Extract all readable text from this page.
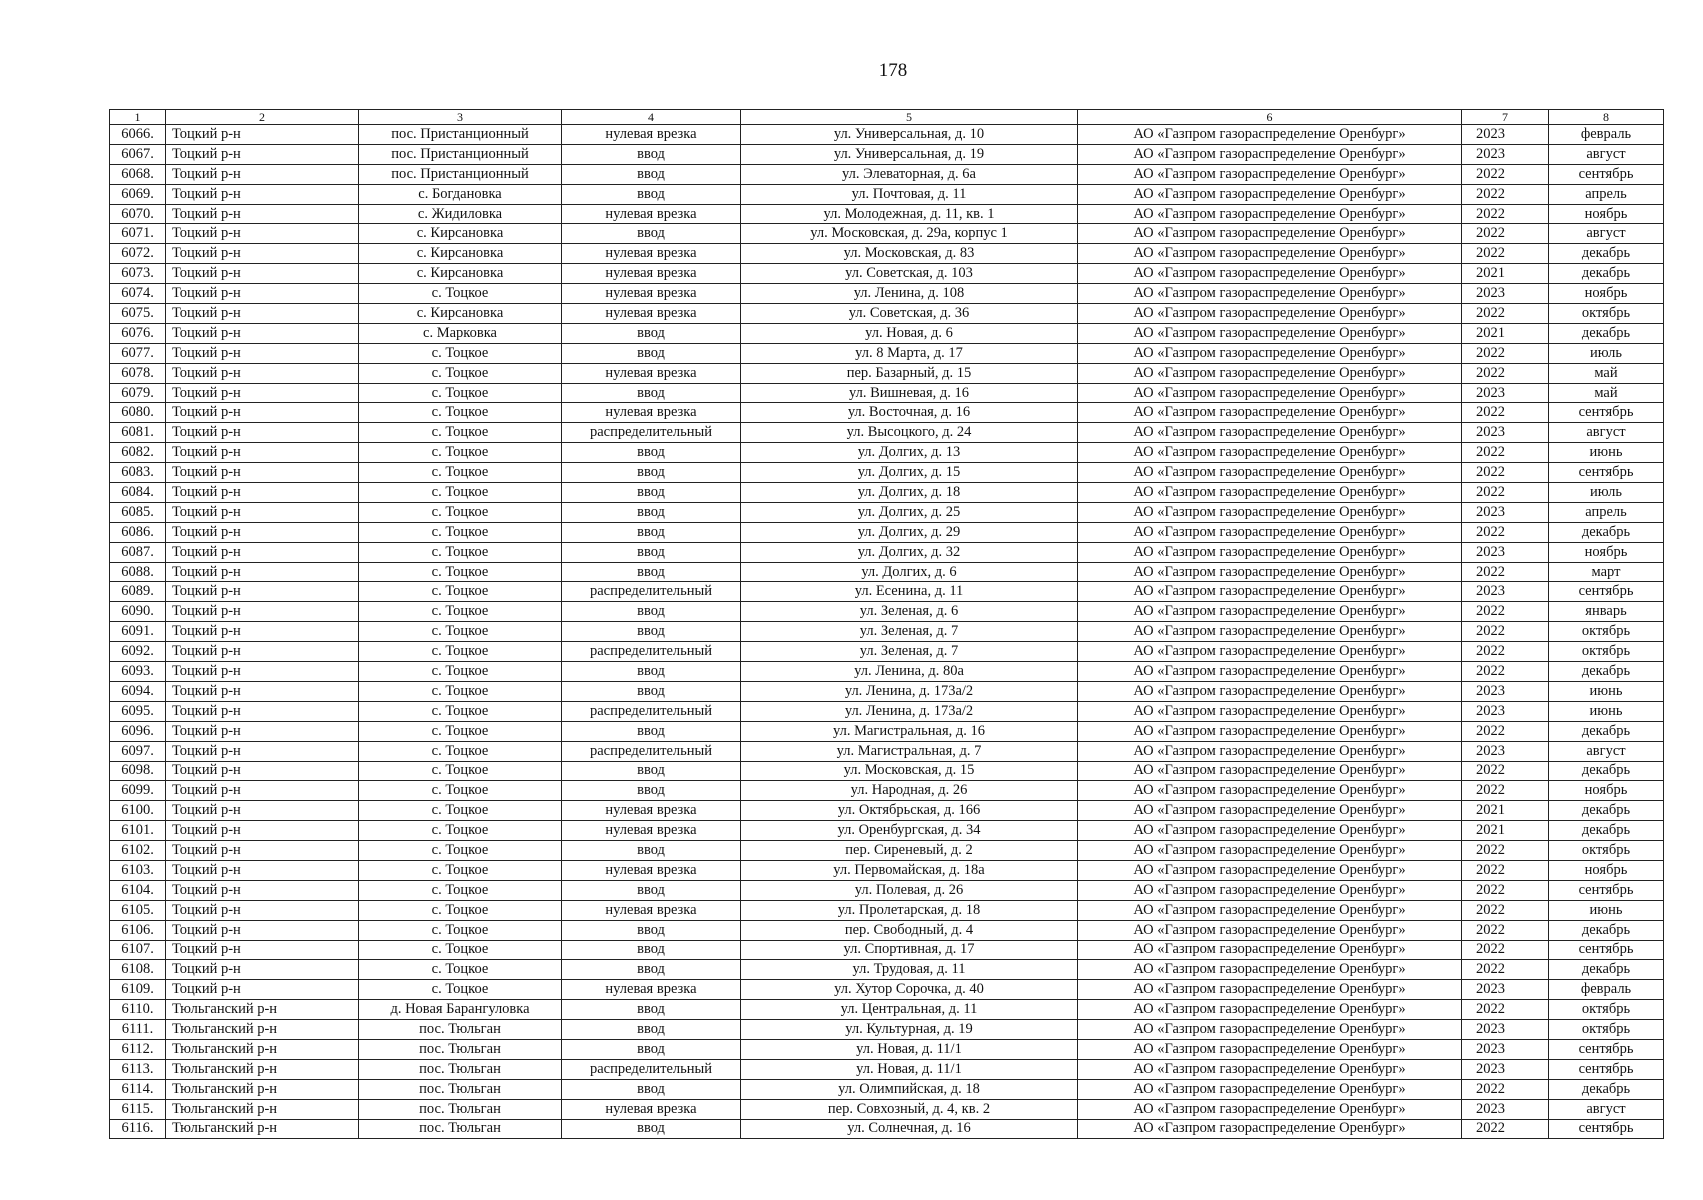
178
1	2	3	4	5	6	7	8
6066.	Тоцкий р-н	пос. Пристанционный	нулевая врезка	ул. Универсальная, д. 10	АО «Газпром газораспределение Оренбург»	2023	февраль
6067.	Тоцкий р-н	пос. Пристанционный	ввод	ул. Универсальная, д. 19	АО «Газпром газораспределение Оренбург»	2023	август
6068.	Тоцкий р-н	пос. Пристанционный	ввод	ул. Элеваторная, д. 6а	АО «Газпром газораспределение Оренбург»	2022	сентябрь
6069.	Тоцкий р-н	с. Богдановка	ввод	ул. Почтовая, д. 11	АО «Газпром газораспределение Оренбург»	2022	апрель
6070.	Тоцкий р-н	с. Жидиловка	нулевая врезка	ул. Молодежная, д. 11, кв. 1	АО «Газпром газораспределение Оренбург»	2022	ноябрь
6071.	Тоцкий р-н	с. Кирсановка	ввод	ул. Московская, д. 29а, корпус 1	АО «Газпром газораспределение Оренбург»	2022	август
6072.	Тоцкий р-н	с. Кирсановка	нулевая врезка	ул. Московская, д. 83	АО «Газпром газораспределение Оренбург»	2022	декабрь
6073.	Тоцкий р-н	с. Кирсановка	нулевая врезка	ул. Советская, д. 103	АО «Газпром газораспределение Оренбург»	2021	декабрь
6074.	Тоцкий р-н	с. Тоцкое	нулевая врезка	ул. Ленина, д. 108	АО «Газпром газораспределение Оренбург»	2023	ноябрь
6075.	Тоцкий р-н	с. Кирсановка	нулевая врезка	ул. Советская, д. 36	АО «Газпром газораспределение Оренбург»	2022	октябрь
6076.	Тоцкий р-н	с. Марковка	ввод	ул. Новая, д. 6	АО «Газпром газораспределение Оренбург»	2021	декабрь
6077.	Тоцкий р-н	с. Тоцкое	ввод	ул. 8 Марта, д. 17	АО «Газпром газораспределение Оренбург»	2022	июль
6078.	Тоцкий р-н	с. Тоцкое	нулевая врезка	пер. Базарный, д. 15	АО «Газпром газораспределение Оренбург»	2022	май
6079.	Тоцкий р-н	с. Тоцкое	ввод	ул. Вишневая, д. 16	АО «Газпром газораспределение Оренбург»	2023	май
6080.	Тоцкий р-н	с. Тоцкое	нулевая врезка	ул. Восточная, д. 16	АО «Газпром газораспределение Оренбург»	2022	сентябрь
6081.	Тоцкий р-н	с. Тоцкое	распределительный	ул. Высоцкого, д. 24	АО «Газпром газораспределение Оренбург»	2023	август
6082.	Тоцкий р-н	с. Тоцкое	ввод	ул. Долгих, д. 13	АО «Газпром газораспределение Оренбург»	2022	июнь
6083.	Тоцкий р-н	с. Тоцкое	ввод	ул. Долгих, д. 15	АО «Газпром газораспределение Оренбург»	2022	сентябрь
6084.	Тоцкий р-н	с. Тоцкое	ввод	ул. Долгих, д. 18	АО «Газпром газораспределение Оренбург»	2022	июль
6085.	Тоцкий р-н	с. Тоцкое	ввод	ул. Долгих, д. 25	АО «Газпром газораспределение Оренбург»	2023	апрель
6086.	Тоцкий р-н	с. Тоцкое	ввод	ул. Долгих, д. 29	АО «Газпром газораспределение Оренбург»	2022	декабрь
6087.	Тоцкий р-н	с. Тоцкое	ввод	ул. Долгих, д. 32	АО «Газпром газораспределение Оренбург»	2023	ноябрь
6088.	Тоцкий р-н	с. Тоцкое	ввод	ул. Долгих, д. 6	АО «Газпром газораспределение Оренбург»	2022	март
6089.	Тоцкий р-н	с. Тоцкое	распределительный	ул. Есенина, д. 11	АО «Газпром газораспределение Оренбург»	2023	сентябрь
6090.	Тоцкий р-н	с. Тоцкое	ввод	ул. Зеленая, д. 6	АО «Газпром газораспределение Оренбург»	2022	январь
6091.	Тоцкий р-н	с. Тоцкое	ввод	ул. Зеленая, д. 7	АО «Газпром газораспределение Оренбург»	2022	октябрь
6092.	Тоцкий р-н	с. Тоцкое	распределительный	ул. Зеленая, д. 7	АО «Газпром газораспределение Оренбург»	2022	октябрь
6093.	Тоцкий р-н	с. Тоцкое	ввод	ул. Ленина, д. 80а	АО «Газпром газораспределение Оренбург»	2022	декабрь
6094.	Тоцкий р-н	с. Тоцкое	ввод	ул. Ленина, д. 173а/2	АО «Газпром газораспределение Оренбург»	2023	июнь
6095.	Тоцкий р-н	с. Тоцкое	распределительный	ул. Ленина, д. 173а/2	АО «Газпром газораспределение Оренбург»	2023	июнь
6096.	Тоцкий р-н	с. Тоцкое	ввод	ул. Магистральная, д. 16	АО «Газпром газораспределение Оренбург»	2022	декабрь
6097.	Тоцкий р-н	с. Тоцкое	распределительный	ул. Магистральная, д. 7	АО «Газпром газораспределение Оренбург»	2023	август
6098.	Тоцкий р-н	с. Тоцкое	ввод	ул. Московская, д. 15	АО «Газпром газораспределение Оренбург»	2022	декабрь
6099.	Тоцкий р-н	с. Тоцкое	ввод	ул. Народная, д. 26	АО «Газпром газораспределение Оренбург»	2022	ноябрь
6100.	Тоцкий р-н	с. Тоцкое	нулевая врезка	ул. Октябрьская, д. 166	АО «Газпром газораспределение Оренбург»	2021	декабрь
6101.	Тоцкий р-н	с. Тоцкое	нулевая врезка	ул. Оренбургская, д. 34	АО «Газпром газораспределение Оренбург»	2021	декабрь
6102.	Тоцкий р-н	с. Тоцкое	ввод	пер. Сиреневый, д. 2	АО «Газпром газораспределение Оренбург»	2022	октябрь
6103.	Тоцкий р-н	с. Тоцкое	нулевая врезка	ул. Первомайская, д. 18а	АО «Газпром газораспределение Оренбург»	2022	ноябрь
6104.	Тоцкий р-н	с. Тоцкое	ввод	ул. Полевая, д. 26	АО «Газпром газораспределение Оренбург»	2022	сентябрь
6105.	Тоцкий р-н	с. Тоцкое	нулевая врезка	ул. Пролетарская, д. 18	АО «Газпром газораспределение Оренбург»	2022	июнь
6106.	Тоцкий р-н	с. Тоцкое	ввод	пер. Свободный, д. 4	АО «Газпром газораспределение Оренбург»	2022	декабрь
6107.	Тоцкий р-н	с. Тоцкое	ввод	ул. Спортивная, д. 17	АО «Газпром газораспределение Оренбург»	2022	сентябрь
6108.	Тоцкий р-н	с. Тоцкое	ввод	ул. Трудовая, д. 11	АО «Газпром газораспределение Оренбург»	2022	декабрь
6109.	Тоцкий р-н	с. Тоцкое	нулевая врезка	ул. Хутор Сорочка, д. 40	АО «Газпром газораспределение Оренбург»	2023	февраль
6110.	Тюльганский р-н	д. Новая Барангуловка	ввод	ул. Центральная, д. 11	АО «Газпром газораспределение Оренбург»	2022	октябрь
6111.	Тюльганский р-н	пос. Тюльган	ввод	ул. Культурная, д. 19	АО «Газпром газораспределение Оренбург»	2023	октябрь
6112.	Тюльганский р-н	пос. Тюльган	ввод	ул. Новая, д. 11/1	АО «Газпром газораспределение Оренбург»	2023	сентябрь
6113.	Тюльганский р-н	пос. Тюльган	распределительный	ул. Новая, д. 11/1	АО «Газпром газораспределение Оренбург»	2023	сентябрь
6114.	Тюльганский р-н	пос. Тюльган	ввод	ул. Олимпийская, д. 18	АО «Газпром газораспределение Оренбург»	2022	декабрь
6115.	Тюльганский р-н	пос. Тюльган	нулевая врезка	пер. Совхозный, д. 4, кв. 2	АО «Газпром газораспределение Оренбург»	2023	август
6116.	Тюльганский р-н	пос. Тюльган	ввод	ул. Солнечная, д. 16	АО «Газпром газораспределение Оренбург»	2022	сентябрь
